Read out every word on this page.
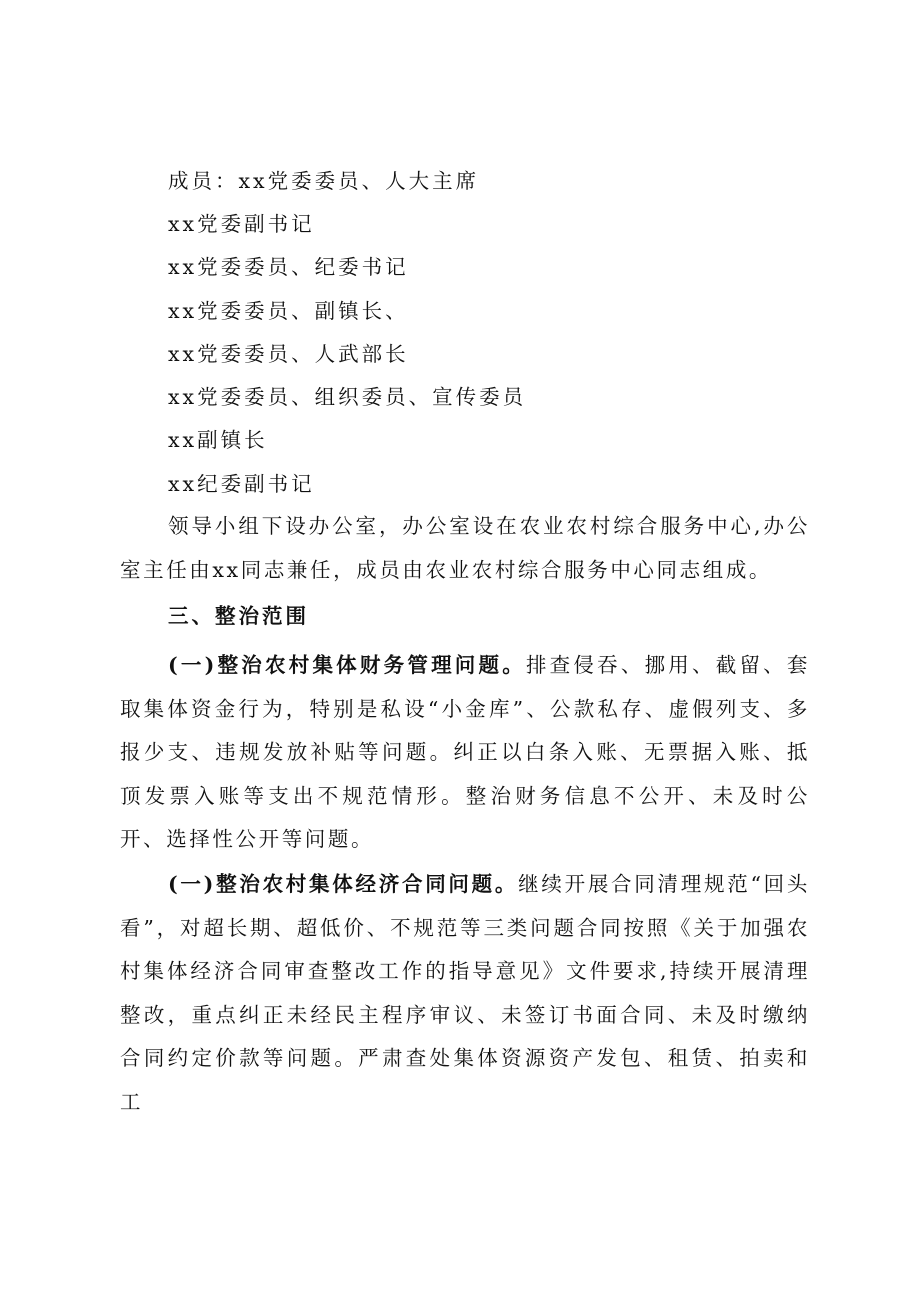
成员：xx党委委员、人大主席
xx党委副书记
xx党委委员、纪委书记
xx党委委员、副镇长、
xx党委委员、人武部长
xx党委委员、组织委员、宣传委员
xx副镇长
xx纪委副书记

领导小组下设办公室，办公室设在农业农村综合服务中心,办公室主任由xx同志兼任，成员由农业农村综合服务中心同志组成。

三、整治范围

(一)整治农村集体财务管理问题。排查侵吞、挪用、截留、套取集体资金行为，特别是私设“小金库”、公款私存、虚假列支、多报少支、违规发放补贴等问题。纠正以白条入账、无票据入账、抵顶发票入账等支出不规范情形。整治财务信息不公开、未及时公开、选择性公开等问题。

(一)整治农村集体经济合同问题。继续开展合同清理规范“回头看”，对超长期、超低价、不规范等三类问题合同按照《关于加强农村集体经济合同审查整改工作的指导意见》文件要求,持续开展清理整改，重点纠正未经民主程序审议、未签订书面合同、未及时缴纳合同约定价款等问题。严肃查处集体资源资产发包、租赁、拍卖和工
